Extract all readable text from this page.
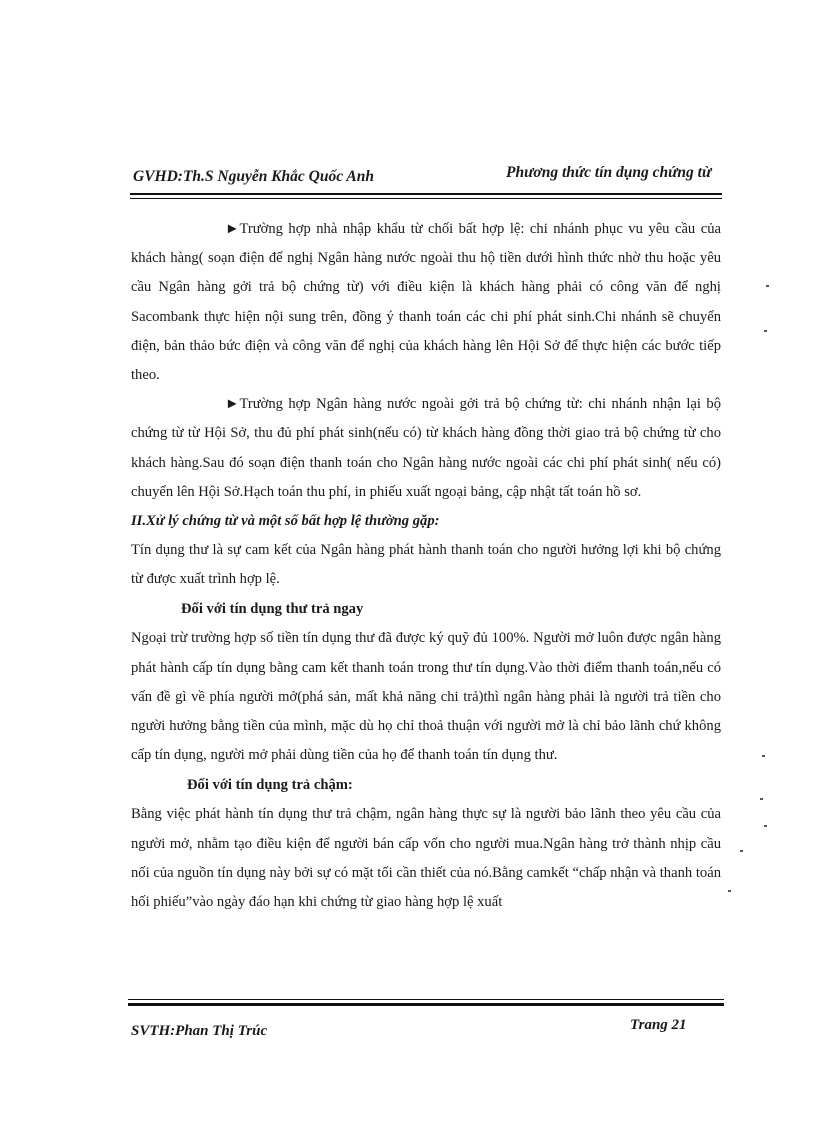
GVHD:Th.S Nguyễn Khắc Quốc Anh	Phương thức tín dụng chứng từ

►Trường hợp nhà nhập khẩu từ chối bất hợp lệ: chi nhánh phục vu yêu cầu của khách hàng( soạn điện để nghị Ngân hàng nước ngoài thu hộ tiền dưới hình thức nhờ thu hoặc yêu cầu Ngân hàng gởi trả bộ chứng từ) với điều kiện là khách hàng phải có công văn để nghị Sacombank thực hiện nội sung trên, đồng ý thanh toán các chi phí phát sinh.Chi nhánh sẽ chuyển điện, bản thảo bức điện và công văn để nghị của khách hàng lên Hội Sở để thực hiện các bước tiếp theo.

►Trường hợp Ngân hàng nước ngoài gởi trả bộ chứng từ: chi nhánh nhận lại bộ chứng từ từ Hội Sở, thu đủ phí phát sinh(nếu có) từ khách hàng đồng thời giao trả bộ chứng từ cho khách hàng.Sau đó soạn điện thanh toán cho Ngân hàng nước ngoài các chi phí phát sinh( nếu có) chuyển lên Hội Sở.Hạch toán thu phí, in phiếu xuất ngoại bảng, cập nhật tất toán hồ sơ.

II.Xử lý chứng từ và một số bất hợp lệ thường gặp:

Tín dụng thư là sự cam kết của Ngân hàng phát hành thanh toán cho người hưởng lợi khi bộ chứng từ được xuất trình hợp lệ.

Đối với tín dụng thư trả ngay

Ngoại trừ trường hợp số tiền tín dụng thư đã được ký quỹ đủ 100%. Người mở luôn được ngân hàng phát hành cấp tín dụng bằng cam kết thanh toán trong thư tín dụng.Vào thời điểm thanh toán,nếu có vấn đề gì về phía người mở(phá sản, mất khả năng chi trả)thì ngân hàng phải là người trả tiền cho người hưởng bằng tiền của mình, mặc dù họ chỉ thoả thuận với người mở là chỉ bảo lãnh chứ không cấp tín dụng, người mở phải dùng tiền của họ để thanh toán tín dụng thư.

Đối với tín dụng trả chậm:

Bằng việc phát hành tín dụng thư trả chậm, ngân hàng thực sự là người bảo lãnh theo yêu cầu của người mở, nhằm tạo điều kiện để người bán cấp vốn cho người mua.Ngân hàng trở thành nhịp cầu nối của nguồn tín dụng này bởi sự có mặt tối cần thiết của nó.Bằng camkết “chấp nhận và thanh toán hối phiếu”vào ngày đáo hạn khi chứng từ giao hàng hợp lệ xuất

SVTH:Phan Thị Trúc	Trang 21
